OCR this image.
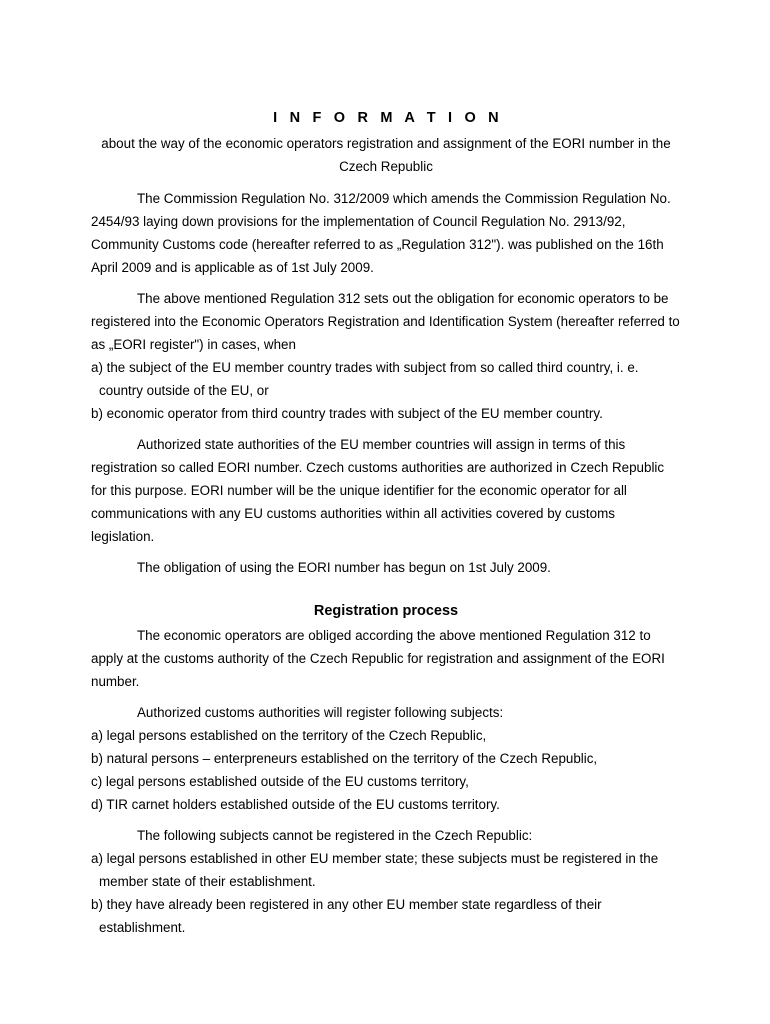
I N F O R M A T I O N
about the way of the economic operators registration and assignment of the EORI number in the Czech Republic

The Commission Regulation No. 312/2009 which amends the Commission Regulation No. 2454/93 laying down provisions for the implementation of Council Regulation No. 2913/92, Community Customs code (hereafter referred to as „Regulation 312"). was published on the 16th April 2009 and is applicable as of 1st July 2009.

The above mentioned Regulation 312 sets out the obligation for economic operators to be registered into the Economic Operators Registration and Identification System (hereafter referred to as „EORI register") in cases, when

a) the subject of the EU member country trades with subject from so called third country, i. e. country outside of the EU, or
b) economic operator from third country trades with subject of the EU member country.

Authorized state authorities of the EU member countries will assign in terms of this registration so called EORI number. Czech customs authorities are authorized in Czech Republic for this purpose. EORI number will be the unique identifier for the economic operator for all communications with any EU customs authorities within all activities covered by customs legislation.

The obligation of using the EORI number has begun on 1st July 2009.

Registration process

The economic operators are obliged according the above mentioned Regulation 312 to apply at the customs authority of the Czech Republic for registration and assignment of the EORI number.

Authorized customs authorities will register following subjects:

a) legal persons established on the territory of the Czech Republic,
b) natural persons – enterpreneurs established on the territory of the Czech Republic,
c) legal persons established outside of the EU customs territory,
d) TIR carnet holders established outside of the EU customs territory.

The following subjects cannot be registered in the Czech Republic:

a) legal persons established in other EU member state; these subjects must be registered in the member state of their establishment.
b) they have already been registered in any other EU member state regardless of their establishment.
